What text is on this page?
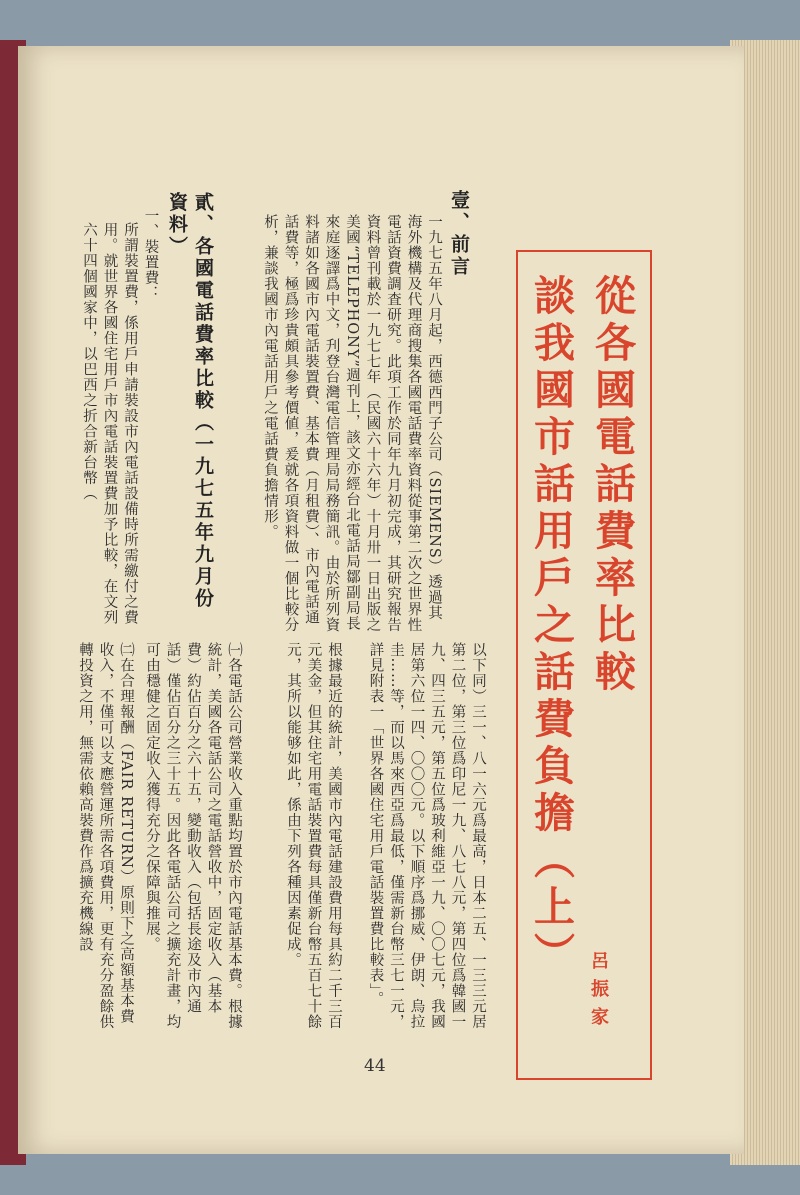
從各國電話費率比較
談我國市話用戶之話費負擔（上）
呂振家
壹、前言
一九七五年八月起，西德西門子公司（SIEMENS）透過其海外機構及代理商搜集各國電話費率資料從事第二次之世界性電話資費調査研究。此項工作於同年九月初完成，其研究報告資料曾刊載於一九七七年（民國六十六年）十月卅一日出版之美國“TELEPHONY”週刊上，該文亦經台北電話局鄒副局長來庭逐譯爲中文，刋登台灣電信管理局局務簡訊。由於所列資料諸如各國市內電話裝置費、基本費（月租費）、市內電話通話費等，極爲珍貴頗具參考價値，爰就各項資料做一個比較分析，兼談我國市內電話用戶之電話費負擔情形。
貳、各國電話費率比較（一九七五年九月份資料）
一、裝置費：
所謂裝置費，係用戶申請裝設市內電話設備時所需繳付之費用。就世界各國住宅用戶市內電話裝置費加予比較，在文列六十四個國家中，以巴西之折合新台幣（
以下同）三一、八一六元爲最高，日本二五、一三三元居第二位，第三位爲印尼一九、八七八元，第四位爲韓國一九、四三五元，第五位爲玻利維亞一九、〇〇七元，我國居第六位一四、〇〇〇元。以下順序爲挪威、伊朗、烏拉圭……等，而以馬來西亞爲最低，僅需新台幣三七一元，詳見附表一「世界各國住宅用戶電話裝置費比較表」。
根據最近的統計，美國市內電話建設費用每具約二千三百元美金，但其住宅用電話裝置費每具僅新台幣五百七十餘元，其所以能够如此，係由下列各種因素促成。
㈠各電話公司營業收入重點均置於市內電話基本費。根據統計，美國各電話公司之電話營收中，固定收入（基本費）約佔百分之六十五，變動收入（包括長途及市內通話）僅佔百分之三十五。因此各電話公司之擴充計畫，均可由穩健之固定收入獲得充分之保障與推展。
㈡在合理報酬（FAIR RETURN）原則下之高額基本費收入，不僅可以支應營運所需各項費用，更有充分盈餘供轉投資之用，無需依賴高裝費作爲擴充機線設
44
